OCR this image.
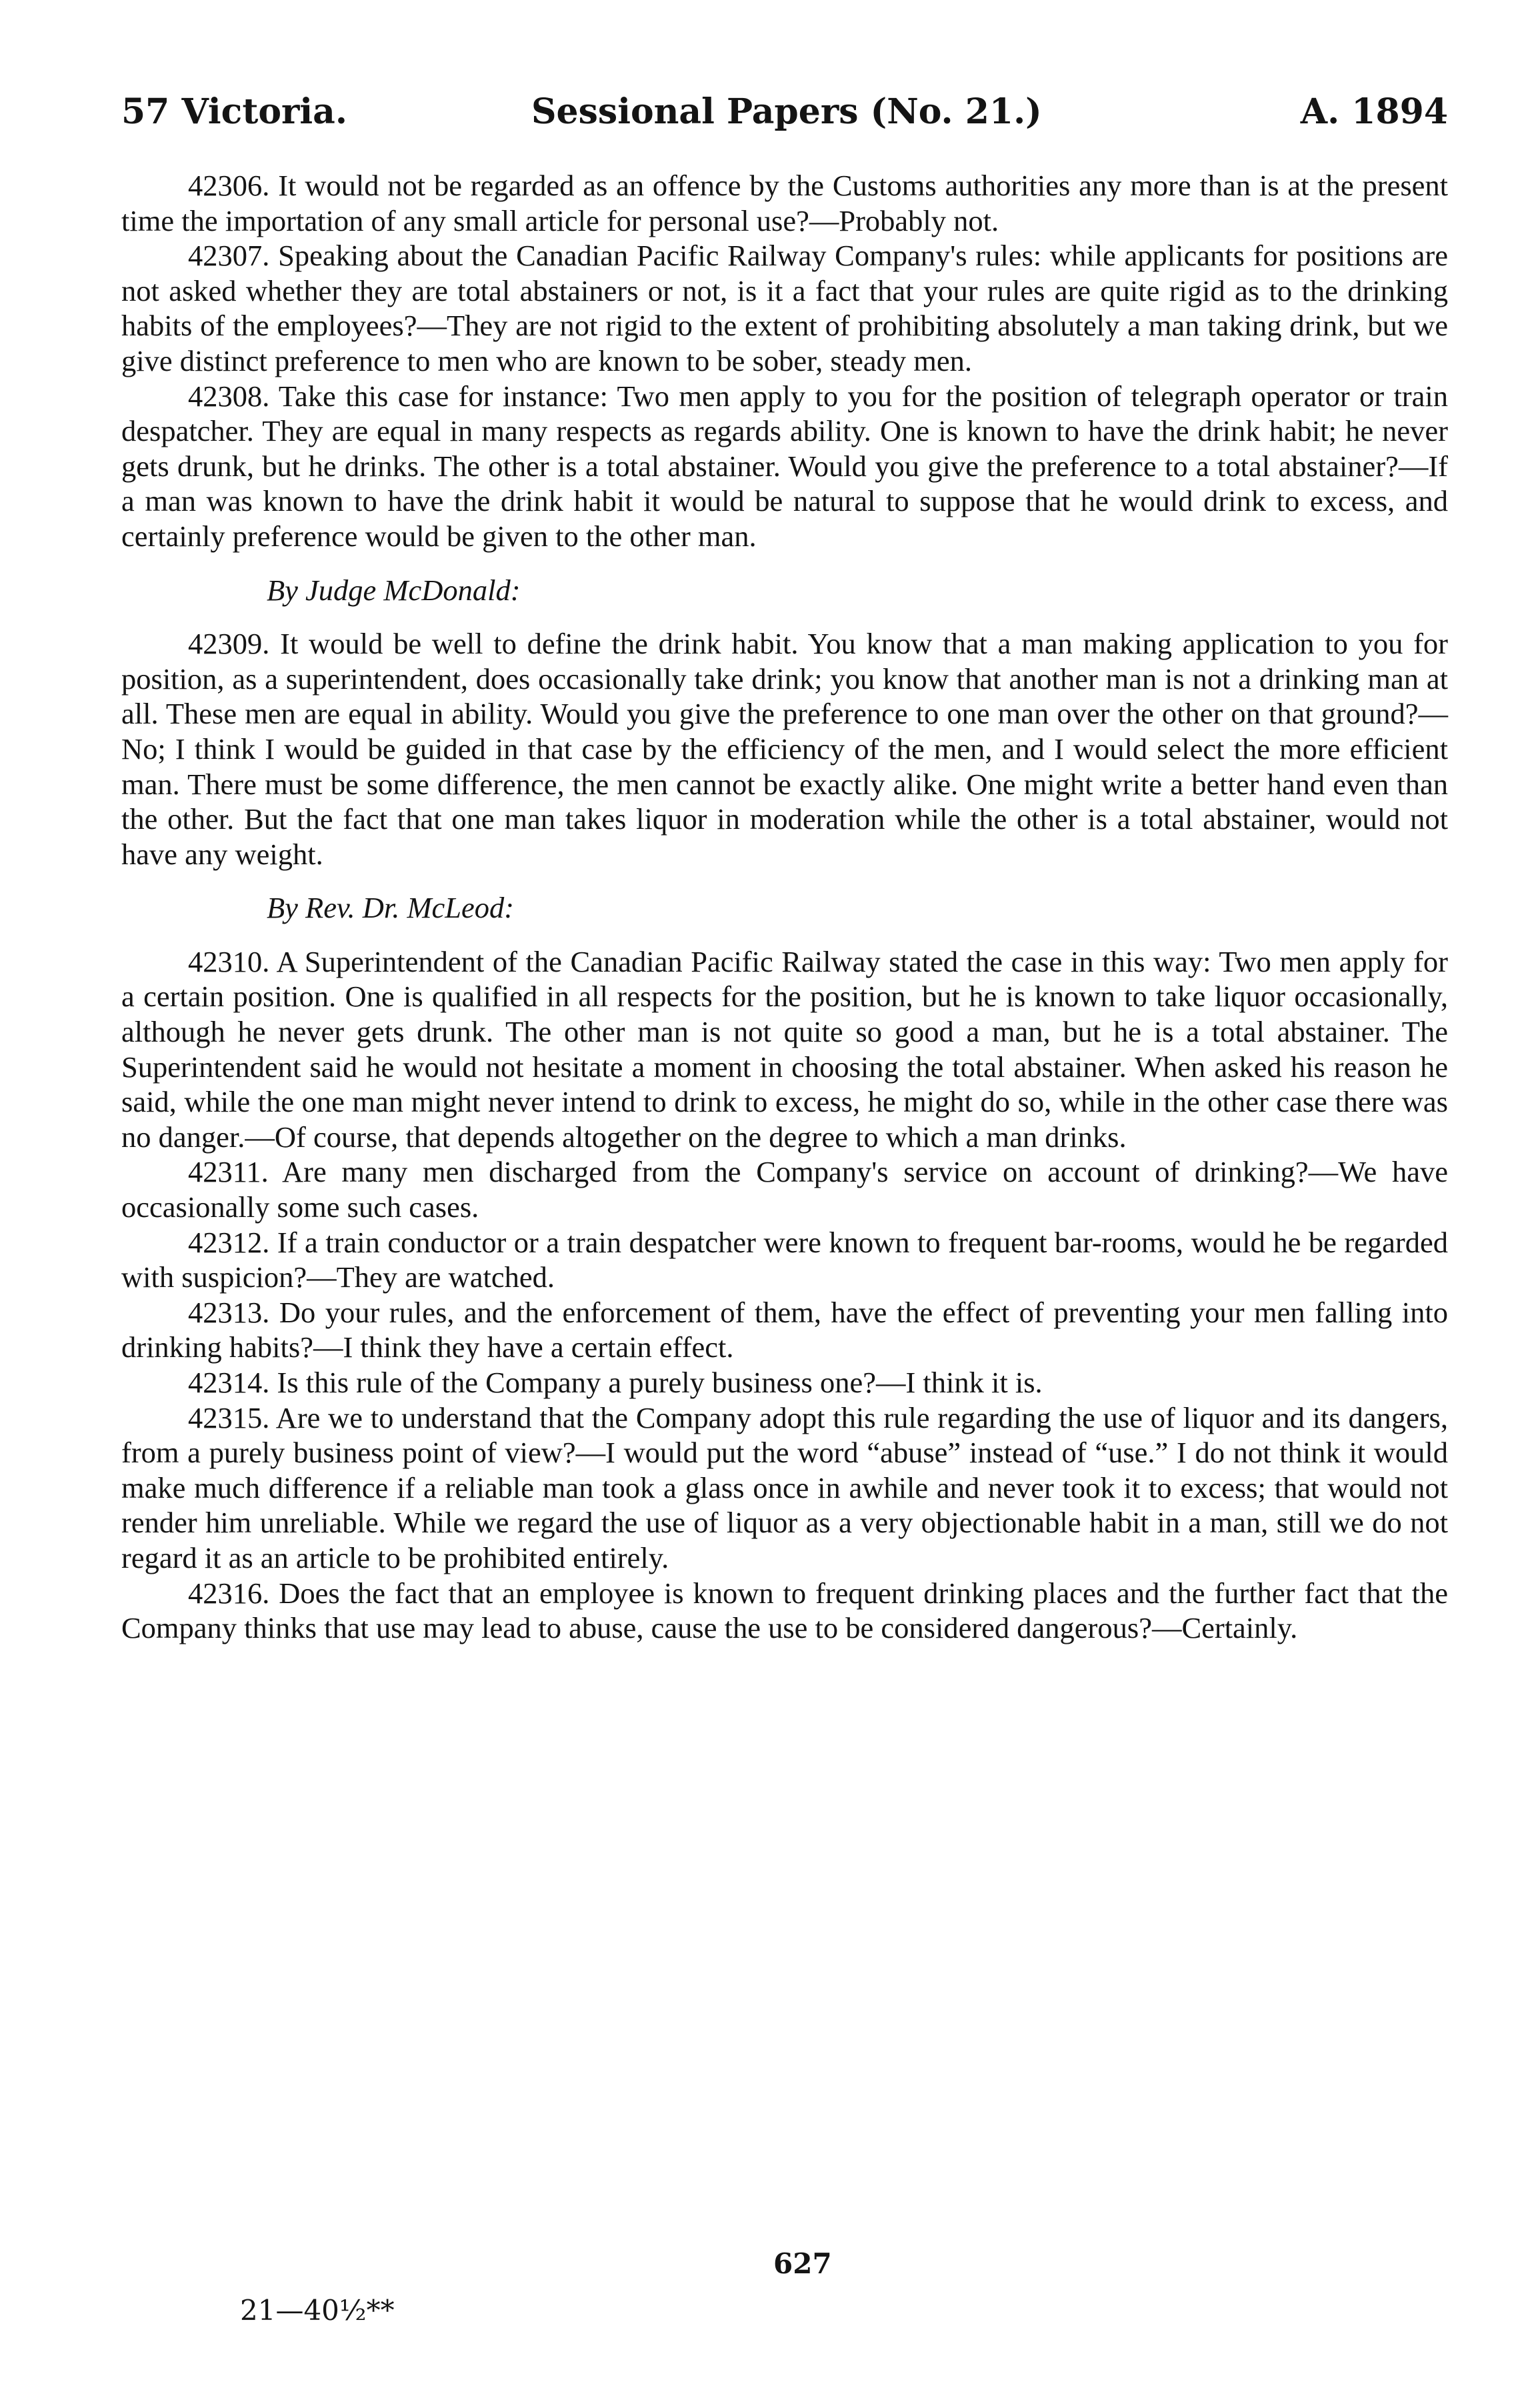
57 Victoria.	Sessional Papers (No. 21.)	A. 1894

42306. It would not be regarded as an offence by the Customs authorities any more than is at the present time the importation of any small article for personal use?—Probably not.

42307. Speaking about the Canadian Pacific Railway Company's rules: while applicants for positions are not asked whether they are total abstainers or not, is it a fact that your rules are quite rigid as to the drinking habits of the employees?—They are not rigid to the extent of prohibiting absolutely a man taking drink, but we give distinct preference to men who are known to be sober, steady men.

42308. Take this case for instance: Two men apply to you for the position of telegraph operator or train despatcher. They are equal in many respects as regards ability. One is known to have the drink habit; he never gets drunk, but he drinks. The other is a total abstainer. Would you give the preference to a total abstainer?—If a man was known to have the drink habit it would be natural to suppose that he would drink to excess, and certainly preference would be given to the other man.

By Judge McDonald:

42309. It would be well to define the drink habit. You know that a man making application to you for position, as a superintendent, does occasionally take drink; you know that another man is not a drinking man at all. These men are equal in ability. Would you give the preference to one man over the other on that ground?—No; I think I would be guided in that case by the efficiency of the men, and I would select the more efficient man. There must be some difference, the men cannot be exactly alike. One might write a better hand even than the other. But the fact that one man takes liquor in moderation while the other is a total abstainer, would not have any weight.

By Rev. Dr. McLeod:

42310. A Superintendent of the Canadian Pacific Railway stated the case in this way: Two men apply for a certain position. One is qualified in all respects for the position, but he is known to take liquor occasionally, although he never gets drunk. The other man is not quite so good a man, but he is a total abstainer. The Superintendent said he would not hesitate a moment in choosing the total abstainer. When asked his reason he said, while the one man might never intend to drink to excess, he might do so, while in the other case there was no danger.—Of course, that depends altogether on the degree to which a man drinks.

42311. Are many men discharged from the Company's service on account of drinking?—We have occasionally some such cases.

42312. If a train conductor or a train despatcher were known to frequent bar-rooms, would he be regarded with suspicion?—They are watched.

42313. Do your rules, and the enforcement of them, have the effect of preventing your men falling into drinking habits?—I think they have a certain effect.

42314. Is this rule of the Company a purely business one?—I think it is.

42315. Are we to understand that the Company adopt this rule regarding the use of liquor and its dangers, from a purely business point of view?—I would put the word “abuse” instead of “use.” I do not think it would make much difference if a reliable man took a glass once in awhile and never took it to excess; that would not render him unreliable. While we regard the use of liquor as a very objectionable habit in a man, still we do not regard it as an article to be prohibited entirely.

42316. Does the fact that an employee is known to frequent drinking places and the further fact that the Company thinks that use may lead to abuse, cause the use to be considered dangerous?—Certainly.

627
21—40½**
